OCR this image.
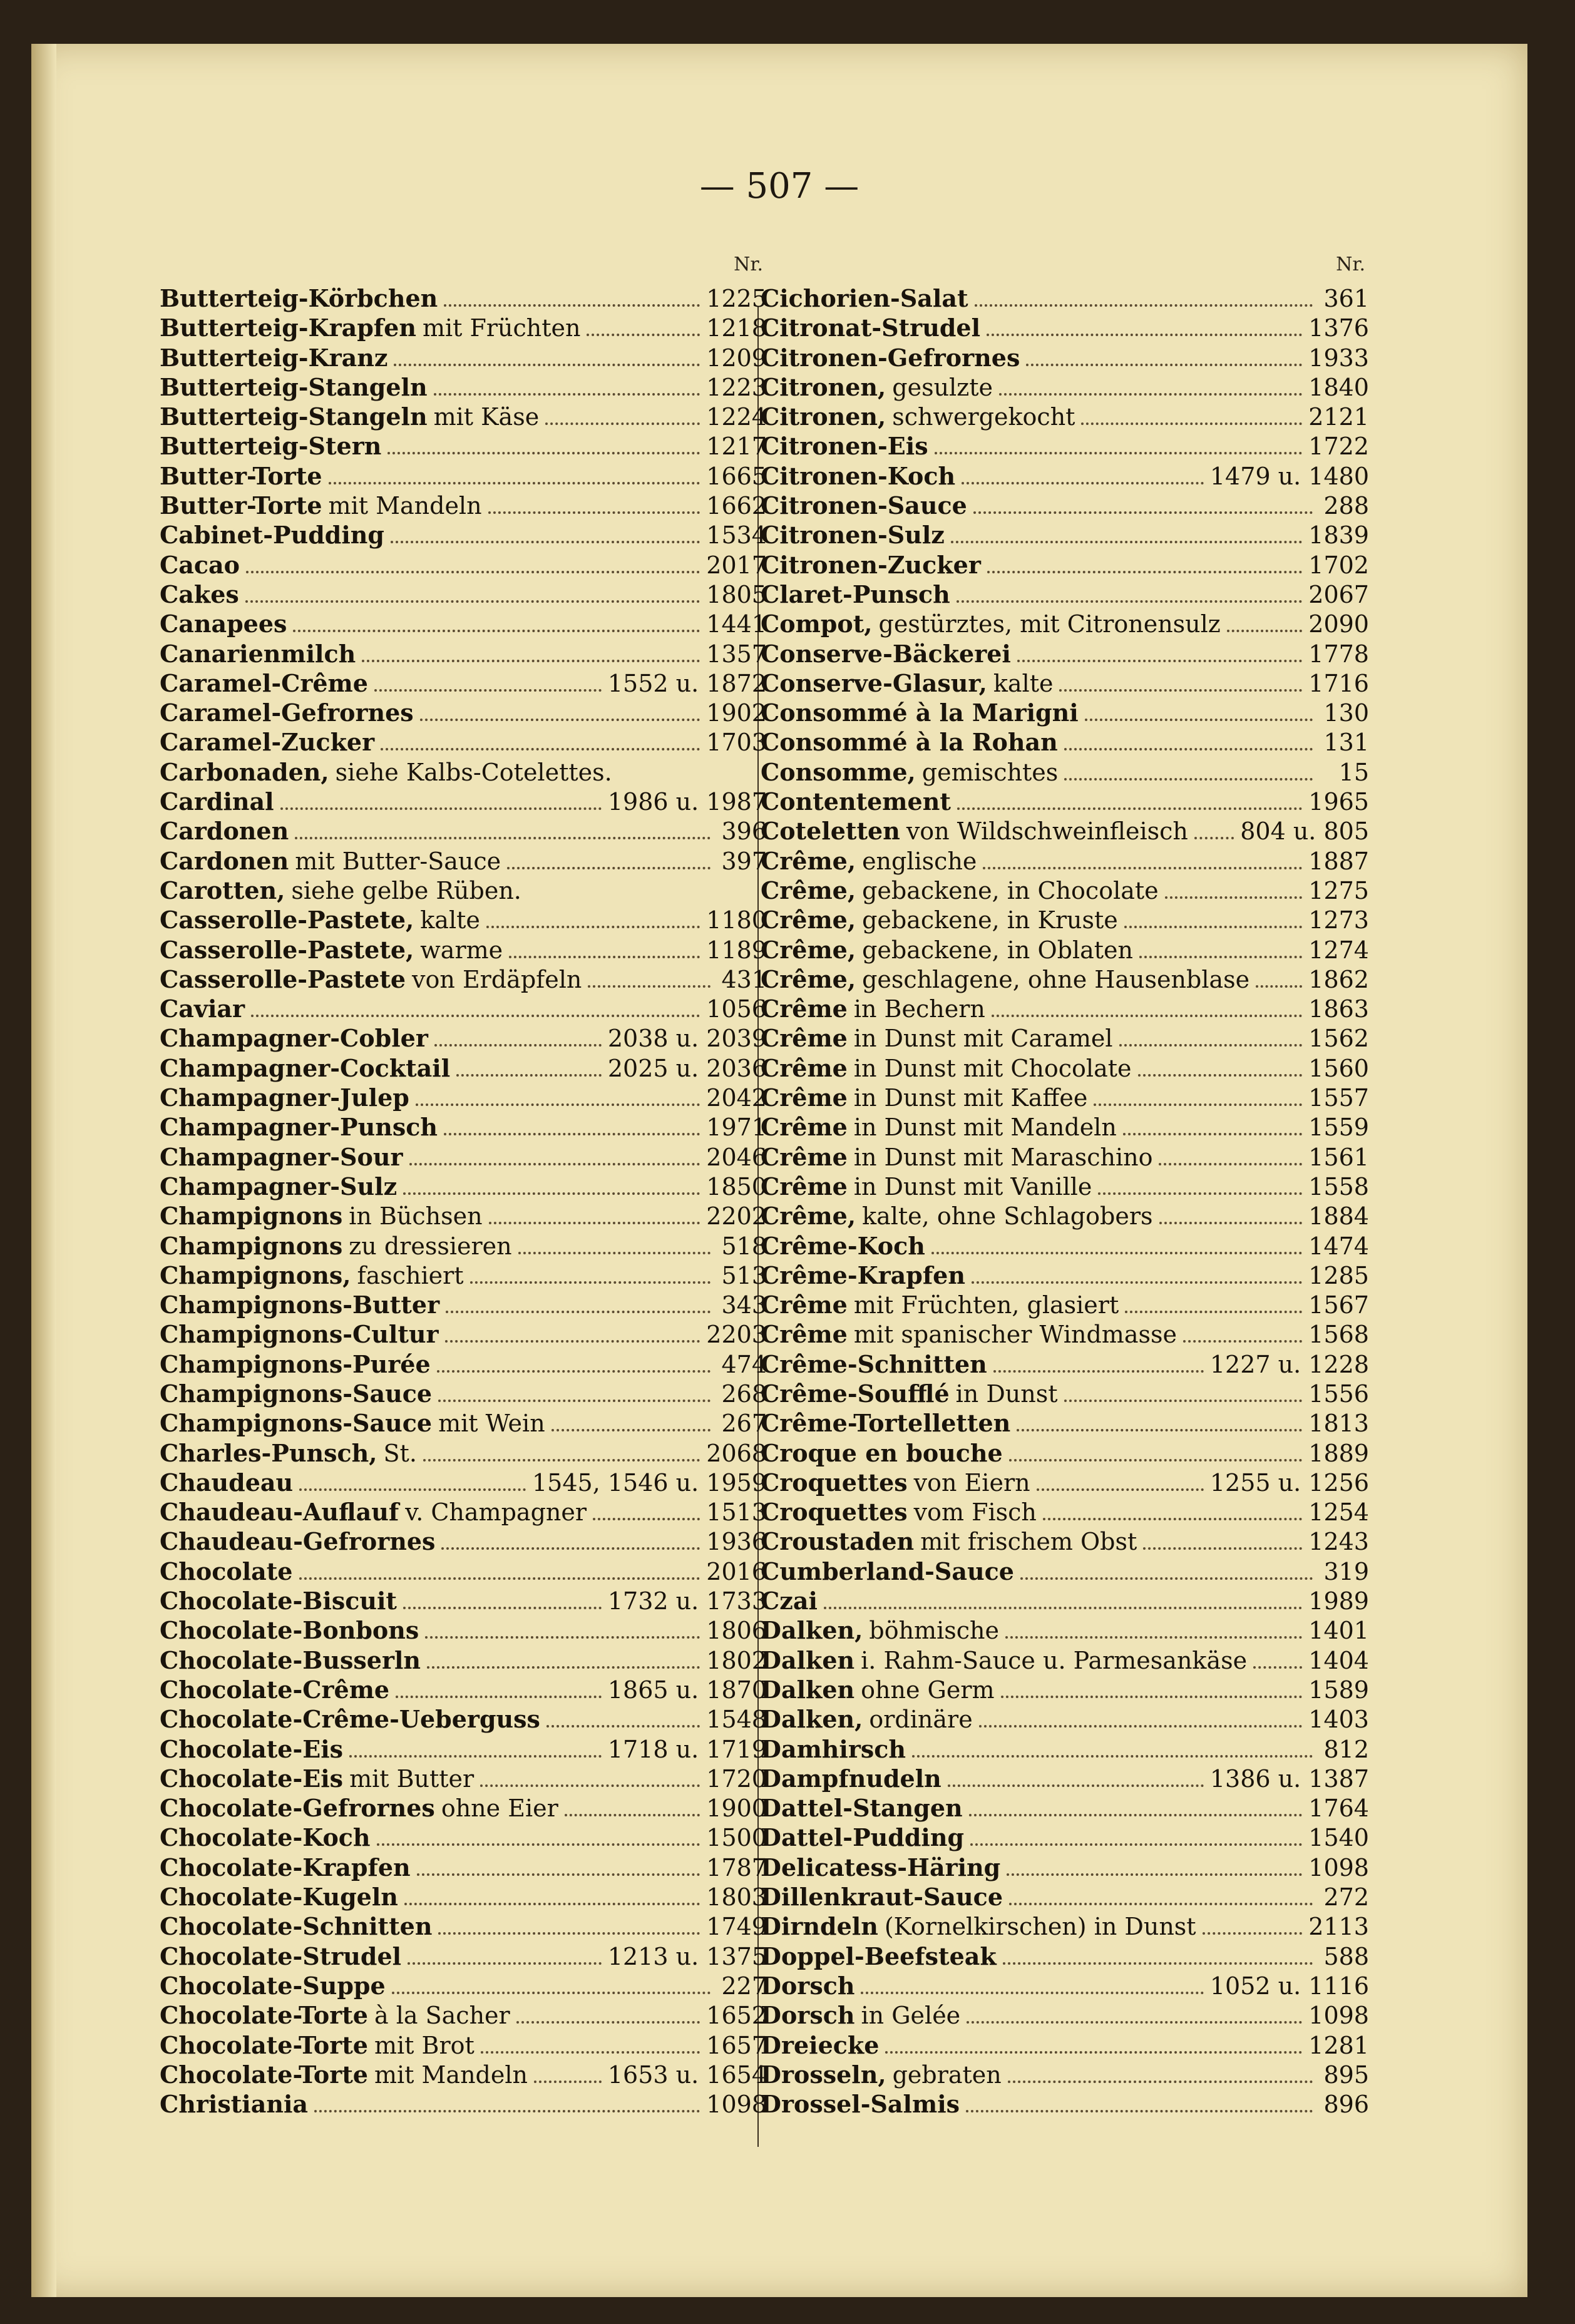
— 507 —
Nr.
Butterteig-Körbchen	1225
Butterteig-Krapfen mit Früchten	1218
Butterteig-Kranz	1209
Butterteig-Stangeln	1223
Butterteig-Stangeln mit Käse	1224
Butterteig-Stern	1217
Butter-Torte	1665
Butter-Torte mit Mandeln	1662
Cabinet-Pudding	1534
Cacao	2017
Cakes	1805
Canapees	1441
Canarienmilch	1357
Caramel-Crême	1552 u. 1872
Caramel-Gefrornes	1902
Caramel-Zucker	1703
Carbonaden, siehe Kalbs-Cotelettes.
Cardinal	1986 u. 1987
Cardonen	396
Cardonen mit Butter-Sauce	397
Carotten, siehe gelbe Rüben.
Casserolle-Pastete, kalte	1180
Casserolle-Pastete, warme	1189
Casserolle-Pastete von Erdäpfeln	431
Caviar	1056
Champagner-Cobler	2038 u. 2039
Champagner-Cocktail	2025 u. 2036
Champagner-Julep	2042
Champagner-Punsch	1971
Champagner-Sour	2046
Champagner-Sulz	1850
Champignons in Büchsen	2202
Champignons zu dressieren	518
Champignons, faschiert	513
Champignons-Butter	343
Champignons-Cultur	2203
Champignons-Purée	474
Champignons-Sauce	268
Champignons-Sauce mit Wein	267
Charles-Punsch, St.	2068
Chaudeau	1545, 1546 u. 1959
Chaudeau-Auflauf v. Champagner	1513
Chaudeau-Gefrornes	1936
Chocolate	2016
Chocolate-Biscuit	1732 u. 1733
Chocolate-Bonbons	1806
Chocolate-Busserln	1802
Chocolate-Crême	1865 u. 1870
Chocolate-Crême-Ueberguss	1548
Chocolate-Eis	1718 u. 1719
Chocolate-Eis mit Butter	1720
Chocolate-Gefrornes ohne Eier	1900
Chocolate-Koch	1500
Chocolate-Krapfen	1787
Chocolate-Kugeln	1803
Chocolate-Schnitten	1749
Chocolate-Strudel	1213 u. 1375
Chocolate-Suppe	227
Chocolate-Torte à la Sacher	1652
Chocolate-Torte mit Brot	1657
Chocolate-Torte mit Mandeln	1653 u. 1654
Christiania	1098
Nr.
Cichorien-Salat	361
Citronat-Strudel	1376
Citronen-Gefrornes	1933
Citronen, gesulzte	1840
Citronen, schwergekocht	2121
Citronen-Eis	1722
Citronen-Koch	1479 u. 1480
Citronen-Sauce	288
Citronen-Sulz	1839
Citronen-Zucker	1702
Claret-Punsch	2067
Compot, gestürztes, mit Citronensulz	2090
Conserve-Bäckerei	1778
Conserve-Glasur, kalte	1716
Consommé à la Marigni	130
Consommé à la Rohan	131
Consomme, gemischtes	15
Contentement	1965
Coteletten von Wildschweinfleisch 804 u. 805
Crême, englische	1887
Crême, gebackene, in Chocolate	1275
Crême, gebackene, in Kruste	1273
Crême, gebackene, in Oblaten	1274
Crême, geschlagene, ohne Hausenblase 1862
Crême in Bechern	1863
Crême in Dunst mit Caramel	1562
Crême in Dunst mit Chocolate	1560
Crême in Dunst mit Kaffee	1557
Crême in Dunst mit Mandeln	1559
Crême in Dunst mit Maraschino	1561
Crême in Dunst mit Vanille	1558
Crême, kalte, ohne Schlagobers	1884
Crême-Koch	1474
Crême-Krapfen	1285
Crême mit Früchten, glasiert	1567
Crême mit spanischer Windmasse	1568
Crême-Schnitten	1227 u. 1228
Crême-Soufflé in Dunst	1556
Crême-Tortelletten	1813
Croque en bouche	1889
Croquettes von Eiern	1255 u. 1256
Croquettes vom Fisch	1254
Croustaden mit frischem Obst	1243
Cumberland-Sauce	319
Czai	1989
Dalken, böhmische	1401
Dalken i. Rahm-Sauce u. Parmesankäse	1404
Dalken ohne Germ	1589
Dalken, ordinäre	1403
Damhirsch	812
Dampfnudeln	1386 u. 1387
Dattel-Stangen	1764
Dattel-Pudding	1540
Delicatess-Häring	1098
Dillenkraut-Sauce	272
Dirndeln (Kornelkirschen) in Dunst	2113
Doppel-Beefsteak	588
Dorsch	1052 u. 1116
Dorsch in Gelée	1098
Dreiecke	1281
Drosseln, gebraten	895
Drossel-Salmis	896
